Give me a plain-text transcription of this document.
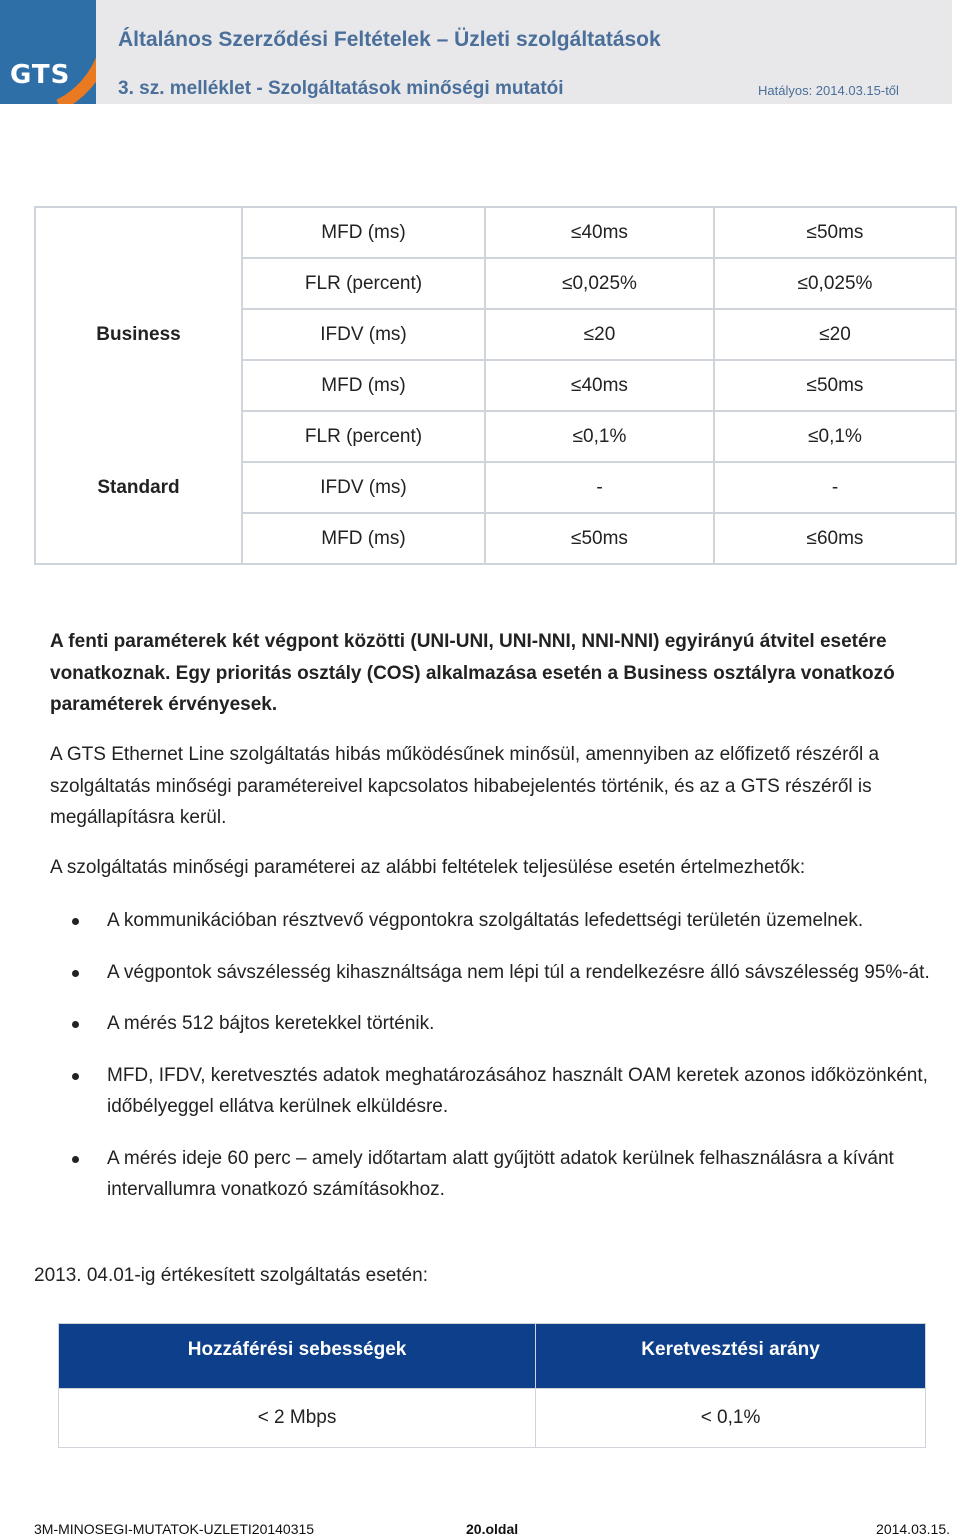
GTS
Általános Szerződési Feltételek – Üzleti szolgáltatások
3. sz. melléklet - Szolgáltatások minőségi mutatói	Hatályos: 2014.03.15-től
	MFD (ms)	≤40ms	≤50ms
	FLR (percent)	≤0,025%	≤0,025%
Business	IFDV (ms)	≤20	≤20
	MFD (ms)	≤40ms	≤50ms
	FLR (percent)	≤0,1%	≤0,1%
Standard	IFDV (ms)	-	-
	MFD (ms)	≤50ms	≤60ms
A fenti paraméterek két végpont közötti (UNI-UNI, UNI-NNI, NNI-NNI) egyirányú átvitel esetére vonatkoznak. Egy prioritás osztály (COS) alkalmazása esetén a Business osztályra vonatkozó paraméterek érvényesek.
A GTS Ethernet Line szolgáltatás hibás működésűnek minősül, amennyiben az előfizető részéről a szolgáltatás minőségi paramétereivel kapcsolatos hibabejelentés történik, és az a GTS részéről is megállapításra kerül.
A szolgáltatás minőségi paraméterei az alábbi feltételek teljesülése esetén értelmezhetők:
A kommunikációban résztvevő végpontokra szolgáltatás lefedettségi területén üzemelnek.
A végpontok sávszélesség kihasználtsága nem lépi túl a rendelkezésre álló sávszélesség 95%-át.
A mérés 512 bájtos keretekkel történik.
MFD, IFDV, keretvesztés adatok meghatározásához használt OAM keretek azonos időközönként, időbélyeggel ellátva kerülnek elküldésre.
A mérés ideje 60 perc – amely időtartam alatt gyűjtött adatok kerülnek felhasználásra a kívánt intervallumra vonatkozó számításokhoz.
2013. 04.01-ig értékesített szolgáltatás esetén:
Hozzáférési sebességek	Keretvesztési arány
< 2 Mbps	< 0,1%
3M-MINOSEGI-MUTATOK-UZLETI20140315	20.oldal	2014.03.15.
